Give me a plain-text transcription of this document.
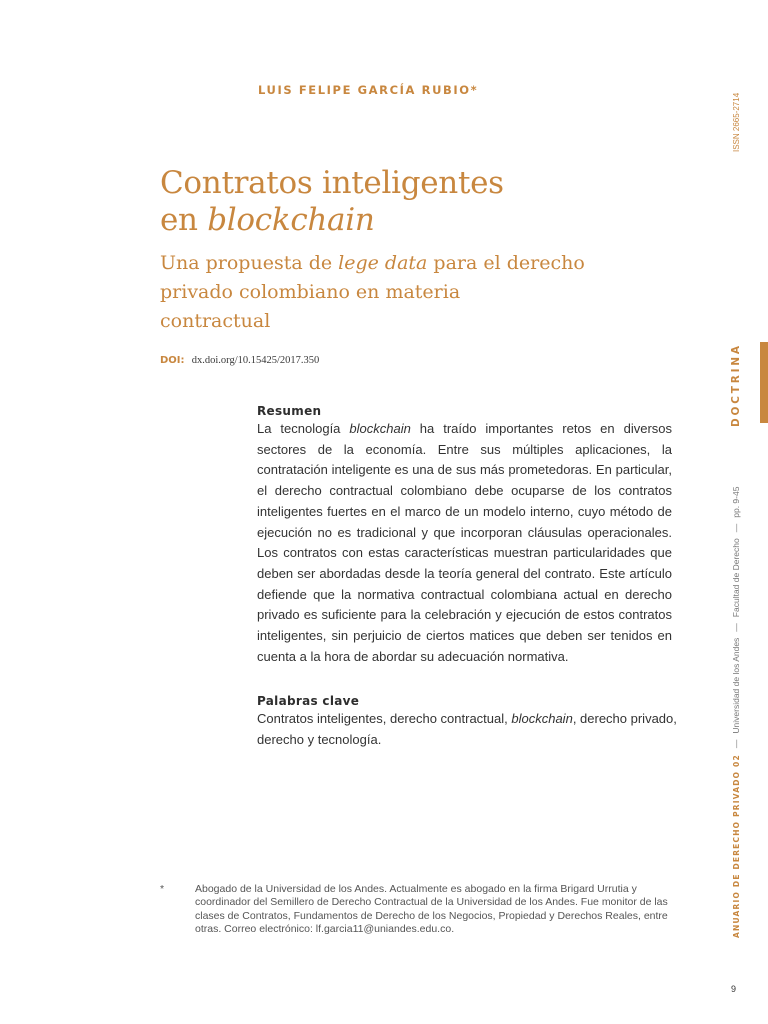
LUIS FELIPE GARCÍA RUBIO*
Contratos inteligentes
en blockchain
Una propuesta de lege data para el derecho
privado colombiano en materia
contractual
DOI: dx.doi.org/10.15425/2017.350

Resumen

La tecnología blockchain ha traído importantes retos en diversos sectores de la economía. Entre sus múltiples aplicaciones, la contratación inteligente es una de sus más prometedoras. En particular, el derecho contractual colombiano debe ocuparse de los contratos inteligentes fuertes en el marco de un modelo interno, cuyo método de ejecución no es tradicional y que incorporan cláusulas operacionales. Los contratos con estas características muestran particularidades que deben ser abordadas desde la teoría general del contrato. Este artículo defiende que la normativa contractual colombiana actual en derecho privado es suficiente para la celebración y ejecución de estos contratos inteligentes, sin perjuicio de ciertos matices que deben ser tenidos en cuenta a la hora de abordar su adecuación normativa.

Palabras clave

Contratos inteligentes, derecho contractual, blockchain, derecho privado, derecho y tecnología.

*	Abogado de la Universidad de los Andes. Actualmente es abogado en la firma Brigard Urrutia y coordinador del Semillero de Derecho Contractual de la Universidad de los Andes. Fue monitor de las clases de Contratos, Fundamentos de Derecho de los Negocios, Propiedad y Derechos Reales, entre otras. Correo electrónico: lf.garcia11@uniandes.edu.co.
ISSN 2665-2714
DOCTRINA
ANUARIO DE DERECHO PRIVADO 02—Universidad de los Andes—Facultad de Derecho—pp. 9-45
9
